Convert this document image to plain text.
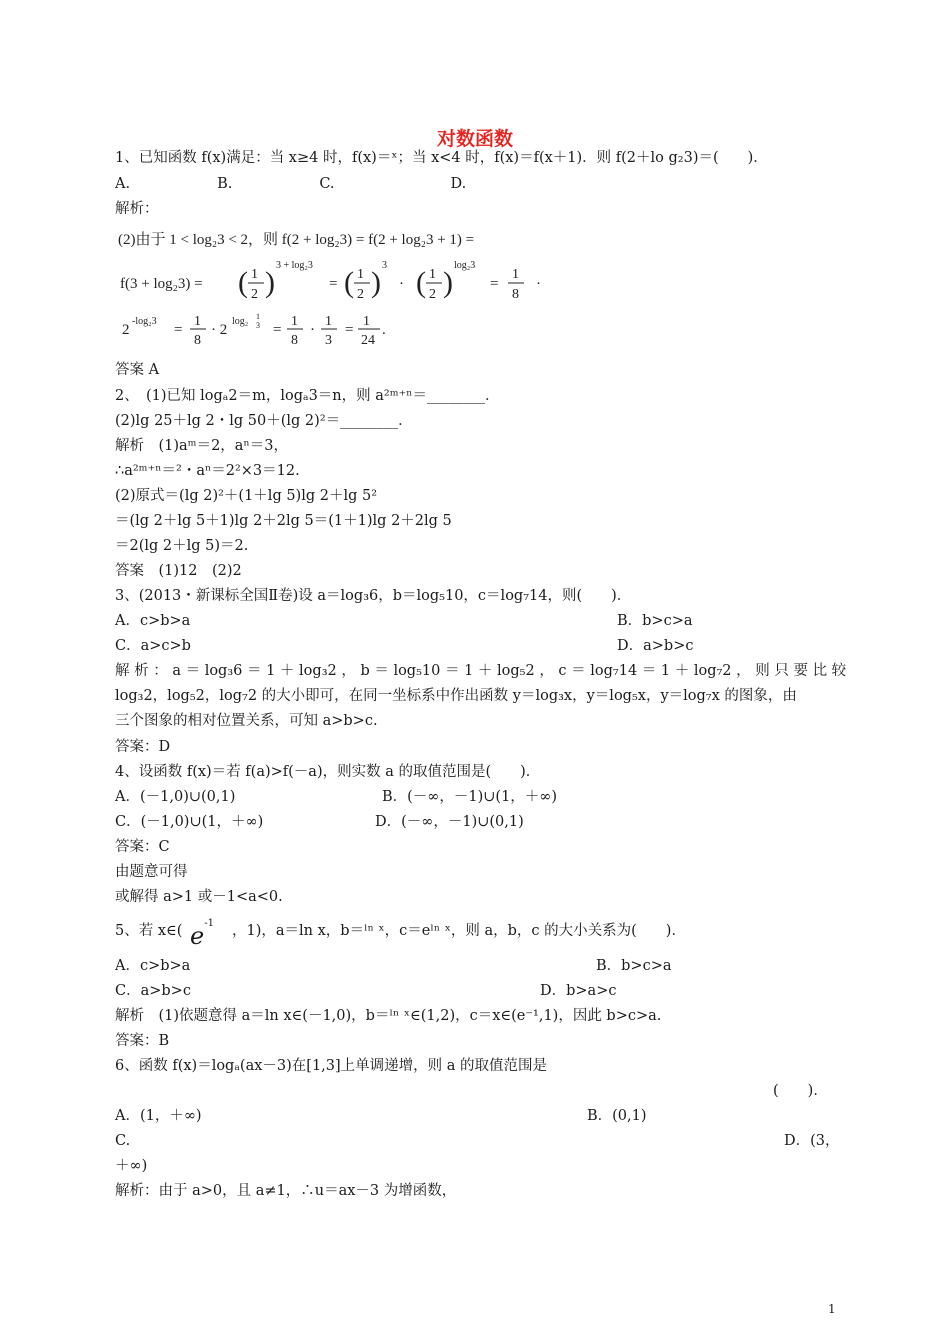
对数函数
1、已知函数 f(x)满足：当 x≥4 时，f(x)＝ˣ；当 x<4 时，f(x)＝f(x＋1)．则 f(2＋lo g₂3)＝(　　)．
A.　　　　　　B.　　　　　　C.　　　　　　　　D.
解析：
答案 A
2、　(1)已知 logₐ2＝m，logₐ3＝n，则 a²ᵐ⁺ⁿ＝________．
(2)lg 25＋lg 2・lg 50＋(lg 2)²＝________．
解析　(1)aᵐ＝2，aⁿ＝3，
∴a²ᵐ⁺ⁿ＝²・aⁿ＝2²×3＝12.
(2)原式＝(lg 2)²＋(1＋lg 5)lg 2＋lg 5²
＝(lg 2＋lg 5＋1)lg 2＋2lg 5＝(1＋1)lg 2＋2lg 5
＝2(lg 2＋lg 5)＝2.
答案　(1)12　(2)2
3、(2013・新课标全国Ⅱ卷)设 a＝log₃6，b＝log₅10，c＝log₇14，则(　　)．
A．c>b>a
C．a>c>b
解 析 ： a ＝ log₃6 ＝ 1 ＋ log₃2 ， b ＝ log₅10 ＝ 1 ＋ log₅2 ， c ＝ log₇14 ＝ 1 ＋ log₇2 ， 则 只 要 比 较
log₃2，log₅2，log₇2 的大小即可，在同一坐标系中作出函数 y＝log₃x，y＝log₅x，y＝log₇x 的图象，由
三个图象的相对位置关系，可知 a>b>c.
答案：D
4、设函数 f(x)＝若 f(a)>f(－a)，则实数 a 的取值范围是(　　)．
A．(－1,0)∪(0,1)
C．(－1,0)∪(1，＋∞)
答案：C
由题意可得
或解得 a>1 或－1<a<0.
5、若 x∈(
A．c>b>a
C．a>b>c
解析　(1)依题意得 a＝ln x∈(－1,0)，b＝ˡⁿ ˣ∈(1,2)，c＝x∈(e⁻¹,1)，因此 b>c>a.
答案：B
6、函数 f(x)＝logₐ(ax－3)在[1,3]上单调递增，则 a 的取值范围是
A．(1，＋∞)
C.
＋∞)
解析：由于 a>0，且 a≠1，∴u＝ax－3 为增函数，
B．b>c>a
D．a>b>c
B．(－∞，－1)∪(1，＋∞)
D．(－∞，－1)∪(0,1)
，1)，a＝ln x，b＝ˡⁿ ˣ，c＝eˡⁿ ˣ，则 a，b，c 的大小关系为(　　)．
B．b>c>a
D．b>a>c
(　　)．
B．(0,1)
D．(3，
$e^{-1}$
(2)由于 1 < log₂3 < 2，则 f(2 + log₂3) = f(2 + log₂3 + 1) =
f(3 + log₂3) = ( 1
2 )
3 + log₂3
= ( 1
2 )
3
· ( 1
2 )
log₂3
=
1
8
·
2
-log₂3
=
1
8
· 2
log₂ 1
3 =
1
8
·
1
3
=
1
24
.
1
